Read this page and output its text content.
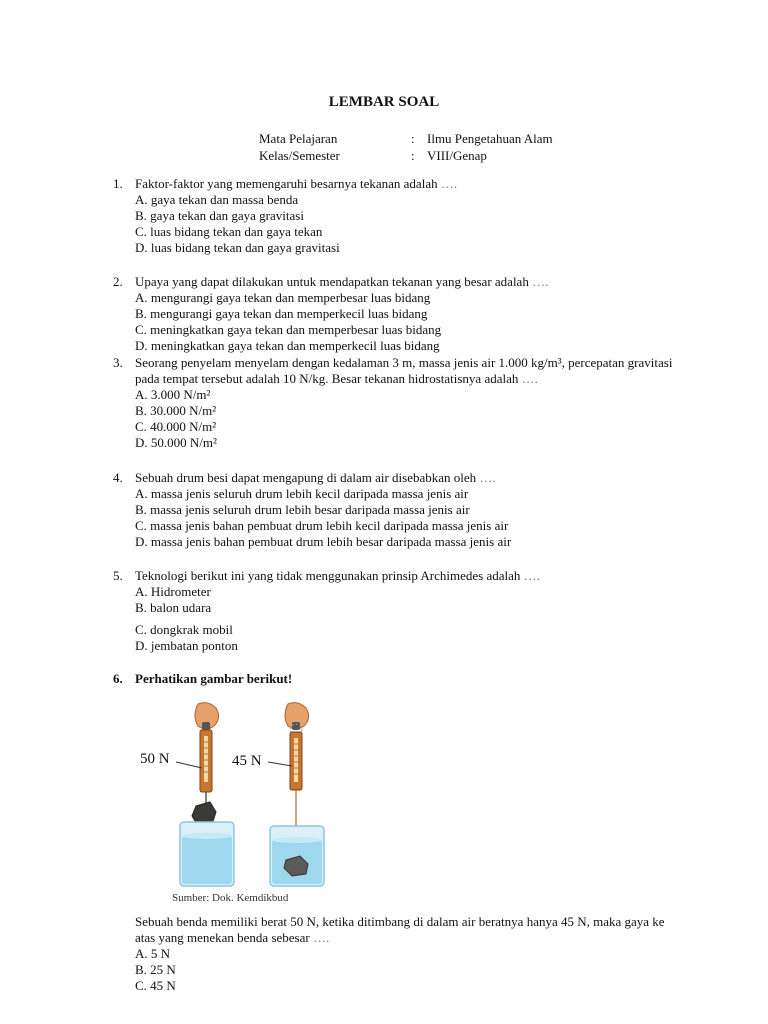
LEMBAR SOAL
Mata Pelajaran	: Ilmu Pengetahuan Alam
Kelas/Semester	: VIII/Genap
1. Faktor-faktor yang memengaruhi besarnya tekanan adalah ….
A. gaya tekan dan massa benda
B. gaya tekan dan gaya gravitasi
C. luas bidang tekan dan gaya tekan
D. luas bidang tekan dan gaya gravitasi
2. Upaya yang dapat dilakukan untuk mendapatkan tekanan yang besar adalah ….
A. mengurangi gaya tekan dan memperbesar luas bidang
B. mengurangi gaya tekan dan memperkecil luas bidang
C. meningkatkan gaya tekan dan memperbesar luas bidang
D. meningkatkan gaya tekan dan memperkecil luas bidang
3. Seorang penyelam menyelam dengan kedalaman 3 m, massa jenis air 1.000 kg/m³, percepatan gravitasi pada tempat tersebut adalah 10 N/kg. Besar tekanan hidrostatisnya adalah ….
A. 3.000 N/m²
B. 30.000 N/m²
C. 40.000 N/m²
D. 50.000 N/m²
4. Sebuah drum besi dapat mengapung di dalam air disebabkan oleh ….
A. massa jenis seluruh drum lebih kecil daripada massa jenis air
B. massa jenis seluruh drum lebih besar daripada massa jenis air
C. massa jenis bahan pembuat drum lebih kecil daripada massa jenis air
D. massa jenis bahan pembuat drum lebih besar daripada massa jenis air
5. Teknologi berikut ini yang tidak menggunakan prinsip Archimedes adalah ….
A. Hidrometer
B. balon udara
C. dongkrak mobil
D. jembatan ponton
6. Perhatikan gambar berikut!
50 N	45 N
Sumber: Dok. Kemdikbud
Sebuah benda memiliki berat 50 N, ketika ditimbang di dalam air beratnya hanya 45 N, maka gaya ke atas yang menekan benda sebesar ….
A. 5 N
B. 25 N
C. 45 N
